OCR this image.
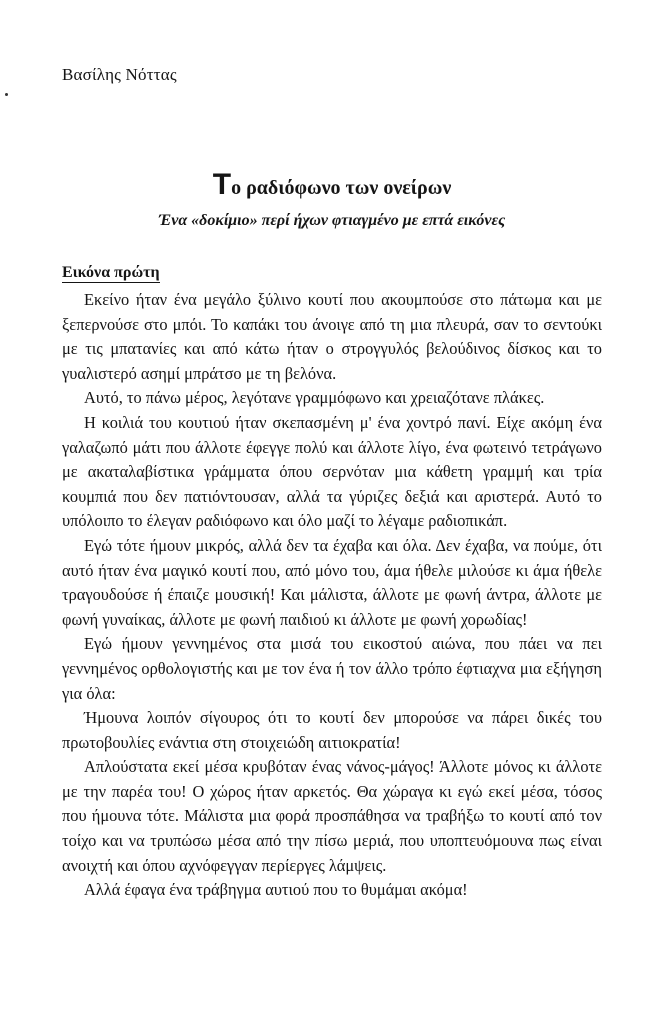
Βασίλης Νόττας
Το ραδιόφωνο των ονείρων
Ένα «δοκίμιο» περί ήχων φτιαγμένο με επτά εικόνες
Εικόνα πρώτη

Εκείνο ήταν ένα μεγάλο ξύλινο κουτί που ακουμπούσε στο πάτωμα και με ξεπερνούσε στο μπόι. Το καπάκι του άνοιγε από τη μια πλευρά, σαν το σεντούκι με τις μπατανίες και από κάτω ήταν ο στρογγυλός βελούδινος δίσκος και το γυαλιστερό ασημί μπράτσο με τη βελόνα.

Αυτό, το πάνω μέρος, λεγότανε γραμμόφωνο και χρειαζότανε πλάκες.

Η κοιλιά του κουτιού ήταν σκεπασμένη μ' ένα χοντρό πανί. Είχε ακόμη ένα γαλαζωπό μάτι που άλλοτε έφεγγε πολύ και άλλοτε λίγο, ένα φωτεινό τετράγωνο με ακαταλαβίστικα γράμματα όπου σερνόταν μια κάθετη γραμμή και τρία κουμπιά που δεν πατιόντουσαν, αλλά τα γύριζες δεξιά και αριστερά. Αυτό το υπόλοιπο το έλεγαν ραδιόφωνο και όλο μαζί το λέγαμε ραδιοπικάπ.

Εγώ τότε ήμουν μικρός, αλλά δεν τα έχαβα και όλα. Δεν έχαβα, να πούμε, ότι αυτό ήταν ένα μαγικό κουτί που, από μόνο του, άμα ήθελε μιλούσε κι άμα ήθελε τραγουδούσε ή έπαιζε μουσική! Και μάλιστα, άλλοτε με φωνή άντρα, άλλοτε με φωνή γυναίκας, άλλοτε με φωνή παιδιού κι άλλοτε με φωνή χορωδίας!

Εγώ ήμουν γεννημένος στα μισά του εικοστού αιώνα, που πάει να πει γεννημένος ορθολογιστής και με τον ένα ή τον άλλο τρόπο έφτιαχνα μια εξήγηση για όλα:

Ήμουνα λοιπόν σίγουρος ότι το κουτί δεν μπορούσε να πάρει δικές του πρωτοβουλίες ενάντια στη στοιχειώδη αιτιοκρατία!

Απλούστατα εκεί μέσα κρυβόταν ένας νάνος-μάγος! Άλλοτε μόνος κι άλλοτε με την παρέα του! Ο χώρος ήταν αρκετός. Θα χώραγα κι εγώ εκεί μέσα, τόσος που ήμουνα τότε. Μάλιστα μια φορά προσπάθησα να τραβήξω το κουτί από τον τοίχο και να τρυπώσω μέσα από την πίσω μεριά, που υποπτευόμουνα πως είναι ανοιχτή και όπου αχνόφεγγαν περίεργες λάμψεις.

Αλλά έφαγα ένα τράβηγμα αυτιού που το θυμάμαι ακόμα!
